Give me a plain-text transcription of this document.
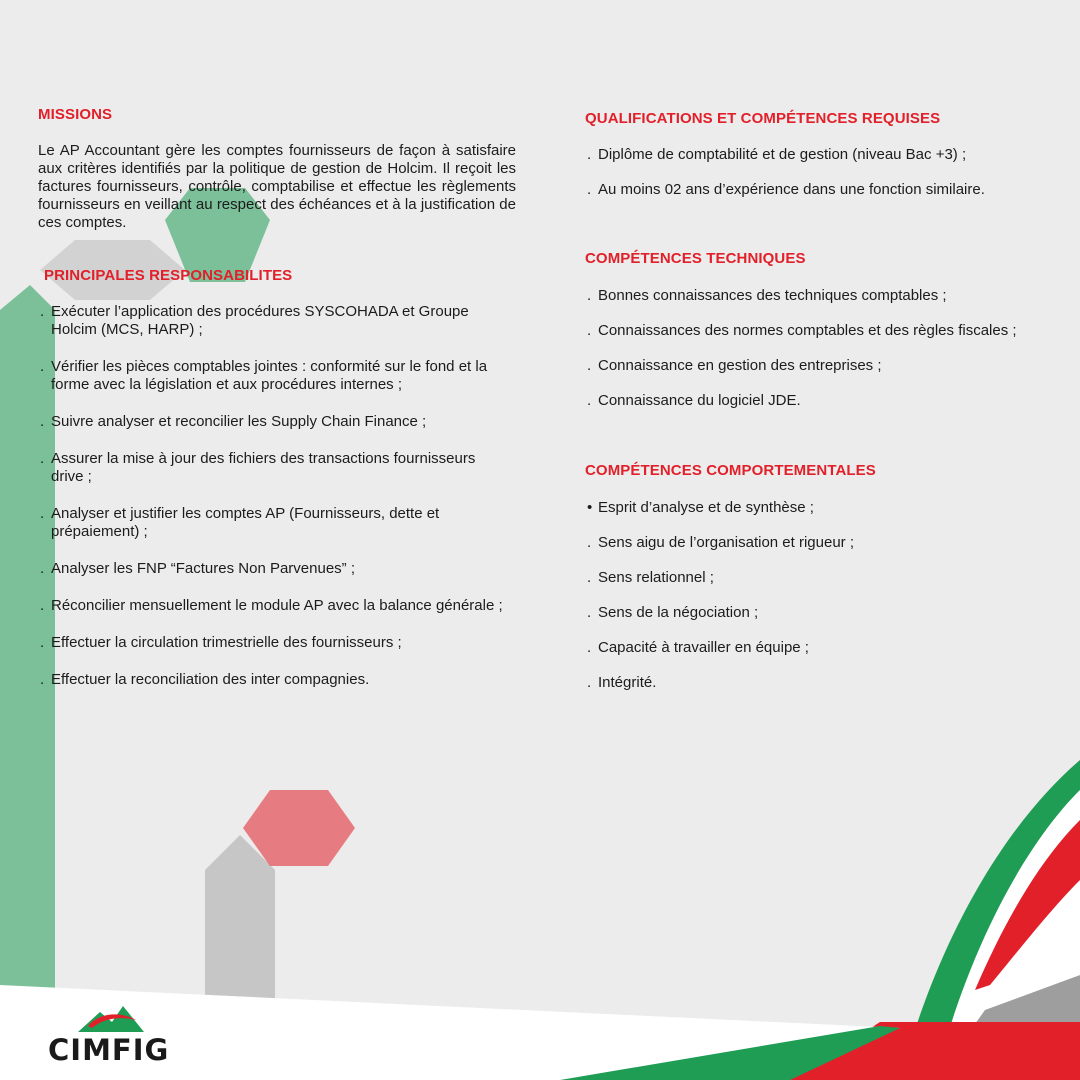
MISSIONS

Le AP Accountant gère les comptes fournisseurs de façon à satisfaire aux critères identifiés par la politique de gestion de Holcim. Il reçoit les factures fournisseurs, contrôle, comptabilise et effectue les règlements fournisseurs en veillant au respect des échéances et à la justification de ces comptes.

PRINCIPALES RESPONSABILITES
. Exécuter l’application des procédures SYSCOHADA et Groupe Holcim (MCS, HARP) ;
. Vérifier les pièces comptables jointes : conformité sur le fond et la forme avec la législation et aux procédures internes ;
. Suivre analyser et reconcilier les Supply Chain Finance ;
. Assurer la mise à jour des fichiers des transactions fournisseurs drive ;
. Analyser et justifier les comptes AP (Fournisseurs, dette et prépaiement) ;
. Analyser les FNP “Factures Non Parvenues” ;
. Réconcilier mensuellement le module AP avec la balance générale ;
. Effectuer la circulation trimestrielle des fournisseurs ;
. Effectuer la reconciliation des inter compagnies.
QUALIFICATIONS ET COMPÉTENCES REQUISES
. Diplôme de comptabilité et de gestion (niveau Bac +3) ;
. Au moins 02 ans d’expérience dans une fonction similaire.
COMPÉTENCES TECHNIQUES
. Bonnes connaissances des techniques comptables ;
. Connaissances des normes comptables et des règles fiscales ;
. Connaissance en gestion des entreprises ;
. Connaissance du logiciel JDE.
COMPÉTENCES COMPORTEMENTALES
• Esprit d’analyse et de synthèse ;
. Sens aigu de l’organisation et rigueur ;
. Sens relationnel ;
. Sens de la négociation ;
. Capacité à travailler en équipe ;
. Intégrité.
CIMFIG
